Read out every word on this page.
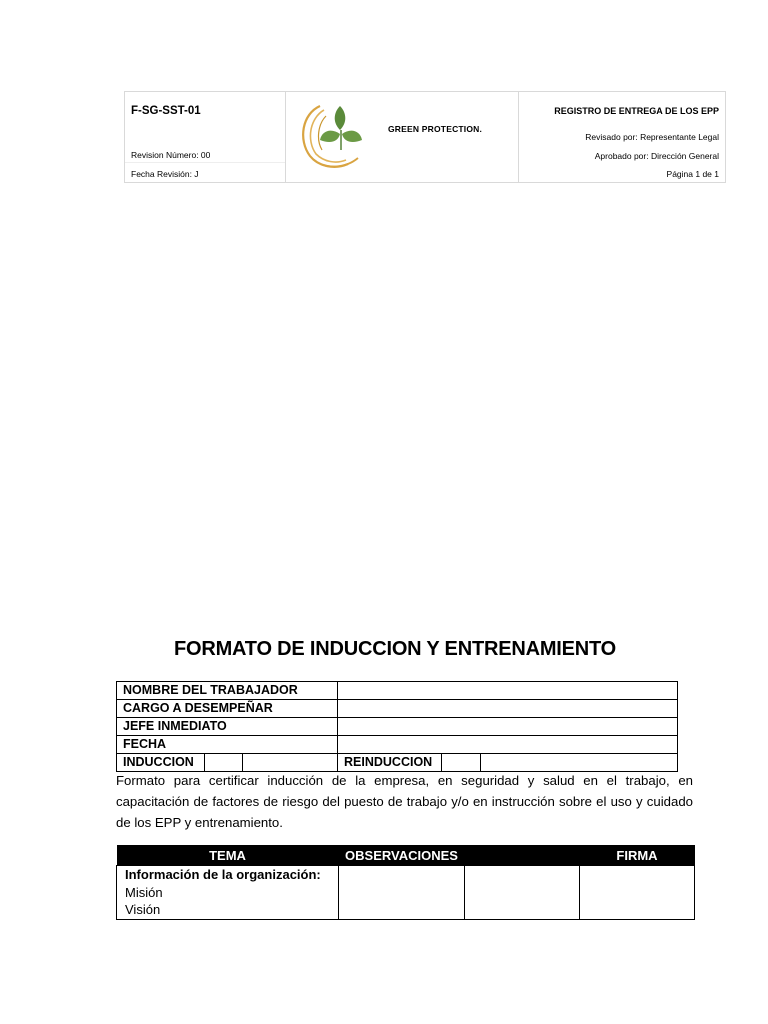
F-SG-SST-01
Revision Número: 00
Fecha Revisión: J
GREEN PROTECTION.
REGISTRO DE ENTREGA DE LOS EPP
Revisado por: Representante Legal
Aprobado por: Dirección General
Página 1 de 1
FORMATO DE INDUCCION Y ENTRENAMIENTO
NOMBRE DEL TRABAJADOR					
CARGO A DESEMPEÑAR					
JEFE INMEDIATO					
FECHA					
INDUCCION			REINDUCCION		
Formato para certificar inducción de la empresa, en seguridad y salud en el trabajo, en capacitación de factores de riesgo del puesto de trabajo y/o en instrucción sobre el uso y cuidado de los EPP y entrenamiento.
TEMA	OBSERVACIONES		FIRMA

Información de la organización:
Misión
Visión			
